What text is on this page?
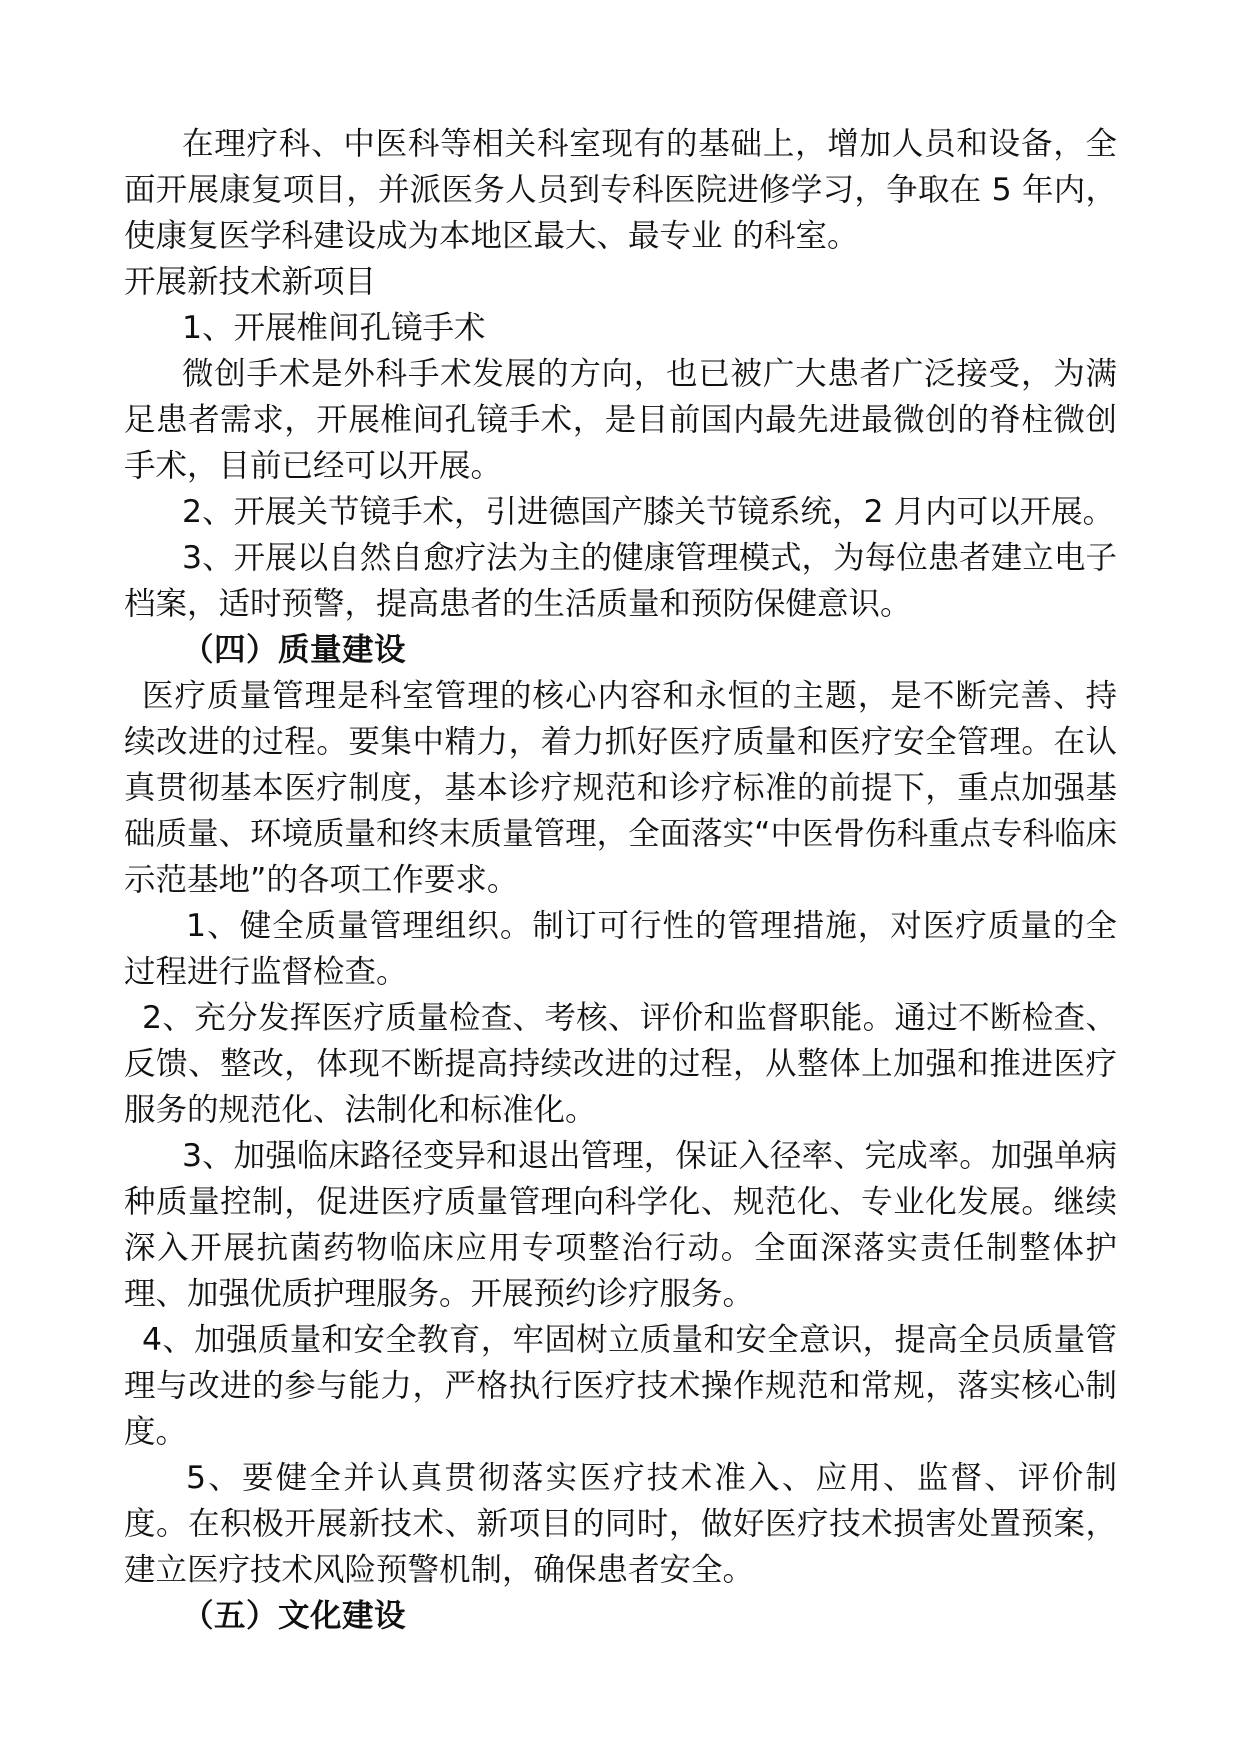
在理疗科、中医科等相关科室现有的基础上，增加人员和设备，全面开展康复项目，并派医务人员到专科医院进修学习，争取在 5 年内，使康复医学科建设成为本地区最大、最专业 的科室。

开展新技术新项目

1、开展椎间孔镜手术

微创手术是外科手术发展的方向，也已被广大患者广泛接受，为满足患者需求，开展椎间孔镜手术，是目前国内最先进最微创的脊柱微创手术，目前已经可以开展。

2、开展关节镜手术，引进德国产膝关节镜系统，2 月内可以开展。

3、开展以自然自愈疗法为主的健康管理模式，为每位患者建立电子档案，适时预警，提高患者的生活质量和预防保健意识。

（四）质量建设

医疗质量管理是科室管理的核心内容和永恒的主题，是不断完善、持续改进的过程。要集中精力，着力抓好医疗质量和医疗安全管理。在认真贯彻基本医疗制度，基本诊疗规范和诊疗标准的前提下，重点加强基础质量、环境质量和终末质量管理，全面落实“中医骨伤科重点专科临床示范基地”的各项工作要求。

1、健全质量管理组织。制订可行性的管理措施，对医疗质量的全过程进行监督检查。

2、充分发挥医疗质量检查、考核、评价和监督职能。通过不断检查、反馈、整改，体现不断提高持续改进的过程，从整体上加强和推进医疗服务的规范化、法制化和标准化。

3、加强临床路径变异和退出管理，保证入径率、完成率。加强单病种质量控制，促进医疗质量管理向科学化、规范化、专业化发展。继续深入开展抗菌药物临床应用专项整治行动。全面深落实责任制整体护理、加强优质护理服务。开展预约诊疗服务。

4、加强质量和安全教育，牢固树立质量和安全意识，提高全员质量管理与改进的参与能力，严格执行医疗技术操作规范和常规，落实核心制度。

5、要健全并认真贯彻落实医疗技术准入、应用、监督、评价制度。在积极开展新技术、新项目的同时，做好医疗技术损害处置预案，建立医疗技术风险预警机制，确保患者安全。

（五）文化建设
